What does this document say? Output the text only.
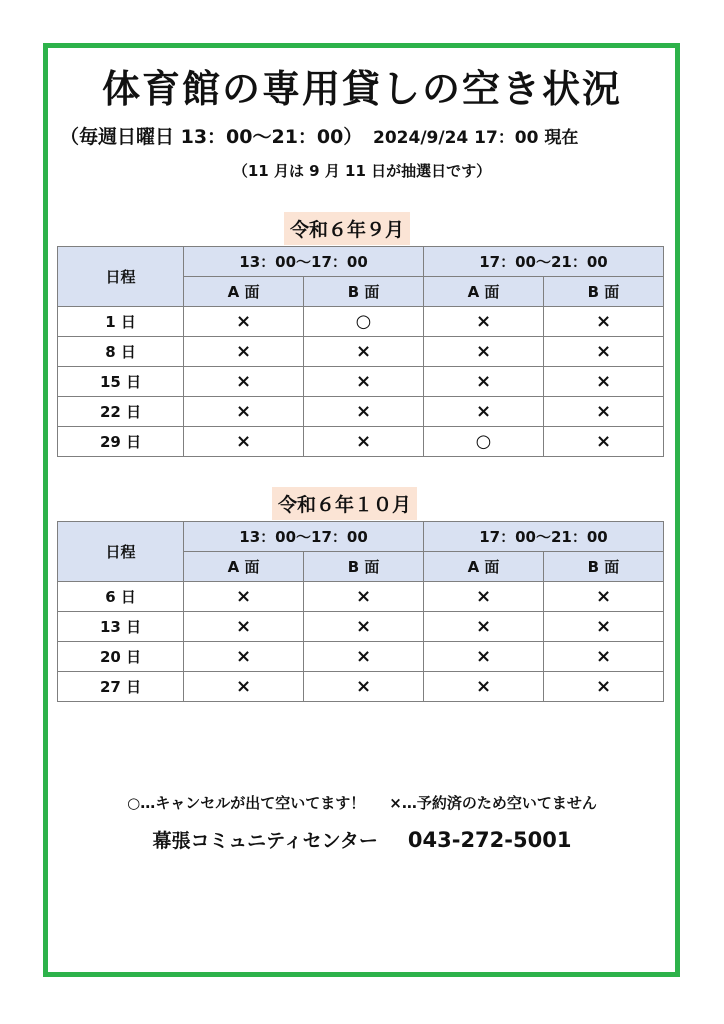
体育館の専用貸しの空き状況
（毎週日曜日 13：00～21：00） 2024/9/24 17：00 現在
（11 月は 9 月 11 日が抽選日です）
令和６年９月
日程	13：00～17：00		17：00～21：00	
	A 面	B 面	A 面	B 面
1 日	×	○	×	×
8 日	×	×	×	×
15 日	×	×	×	×
22 日	×	×	×	×
29 日	×	×	○	×
令和６年１０月
日程	13：00～17：00		17：00～21：00	
	A 面	B 面	A 面	B 面
6 日	×	×	×	×
13 日	×	×	×	×
20 日	×	×	×	×
27 日	×	×	×	×
○…キャンセルが出て空いてます！ ×…予約済のため空いてません
幕張コミュニティセンター 043-272-5001
